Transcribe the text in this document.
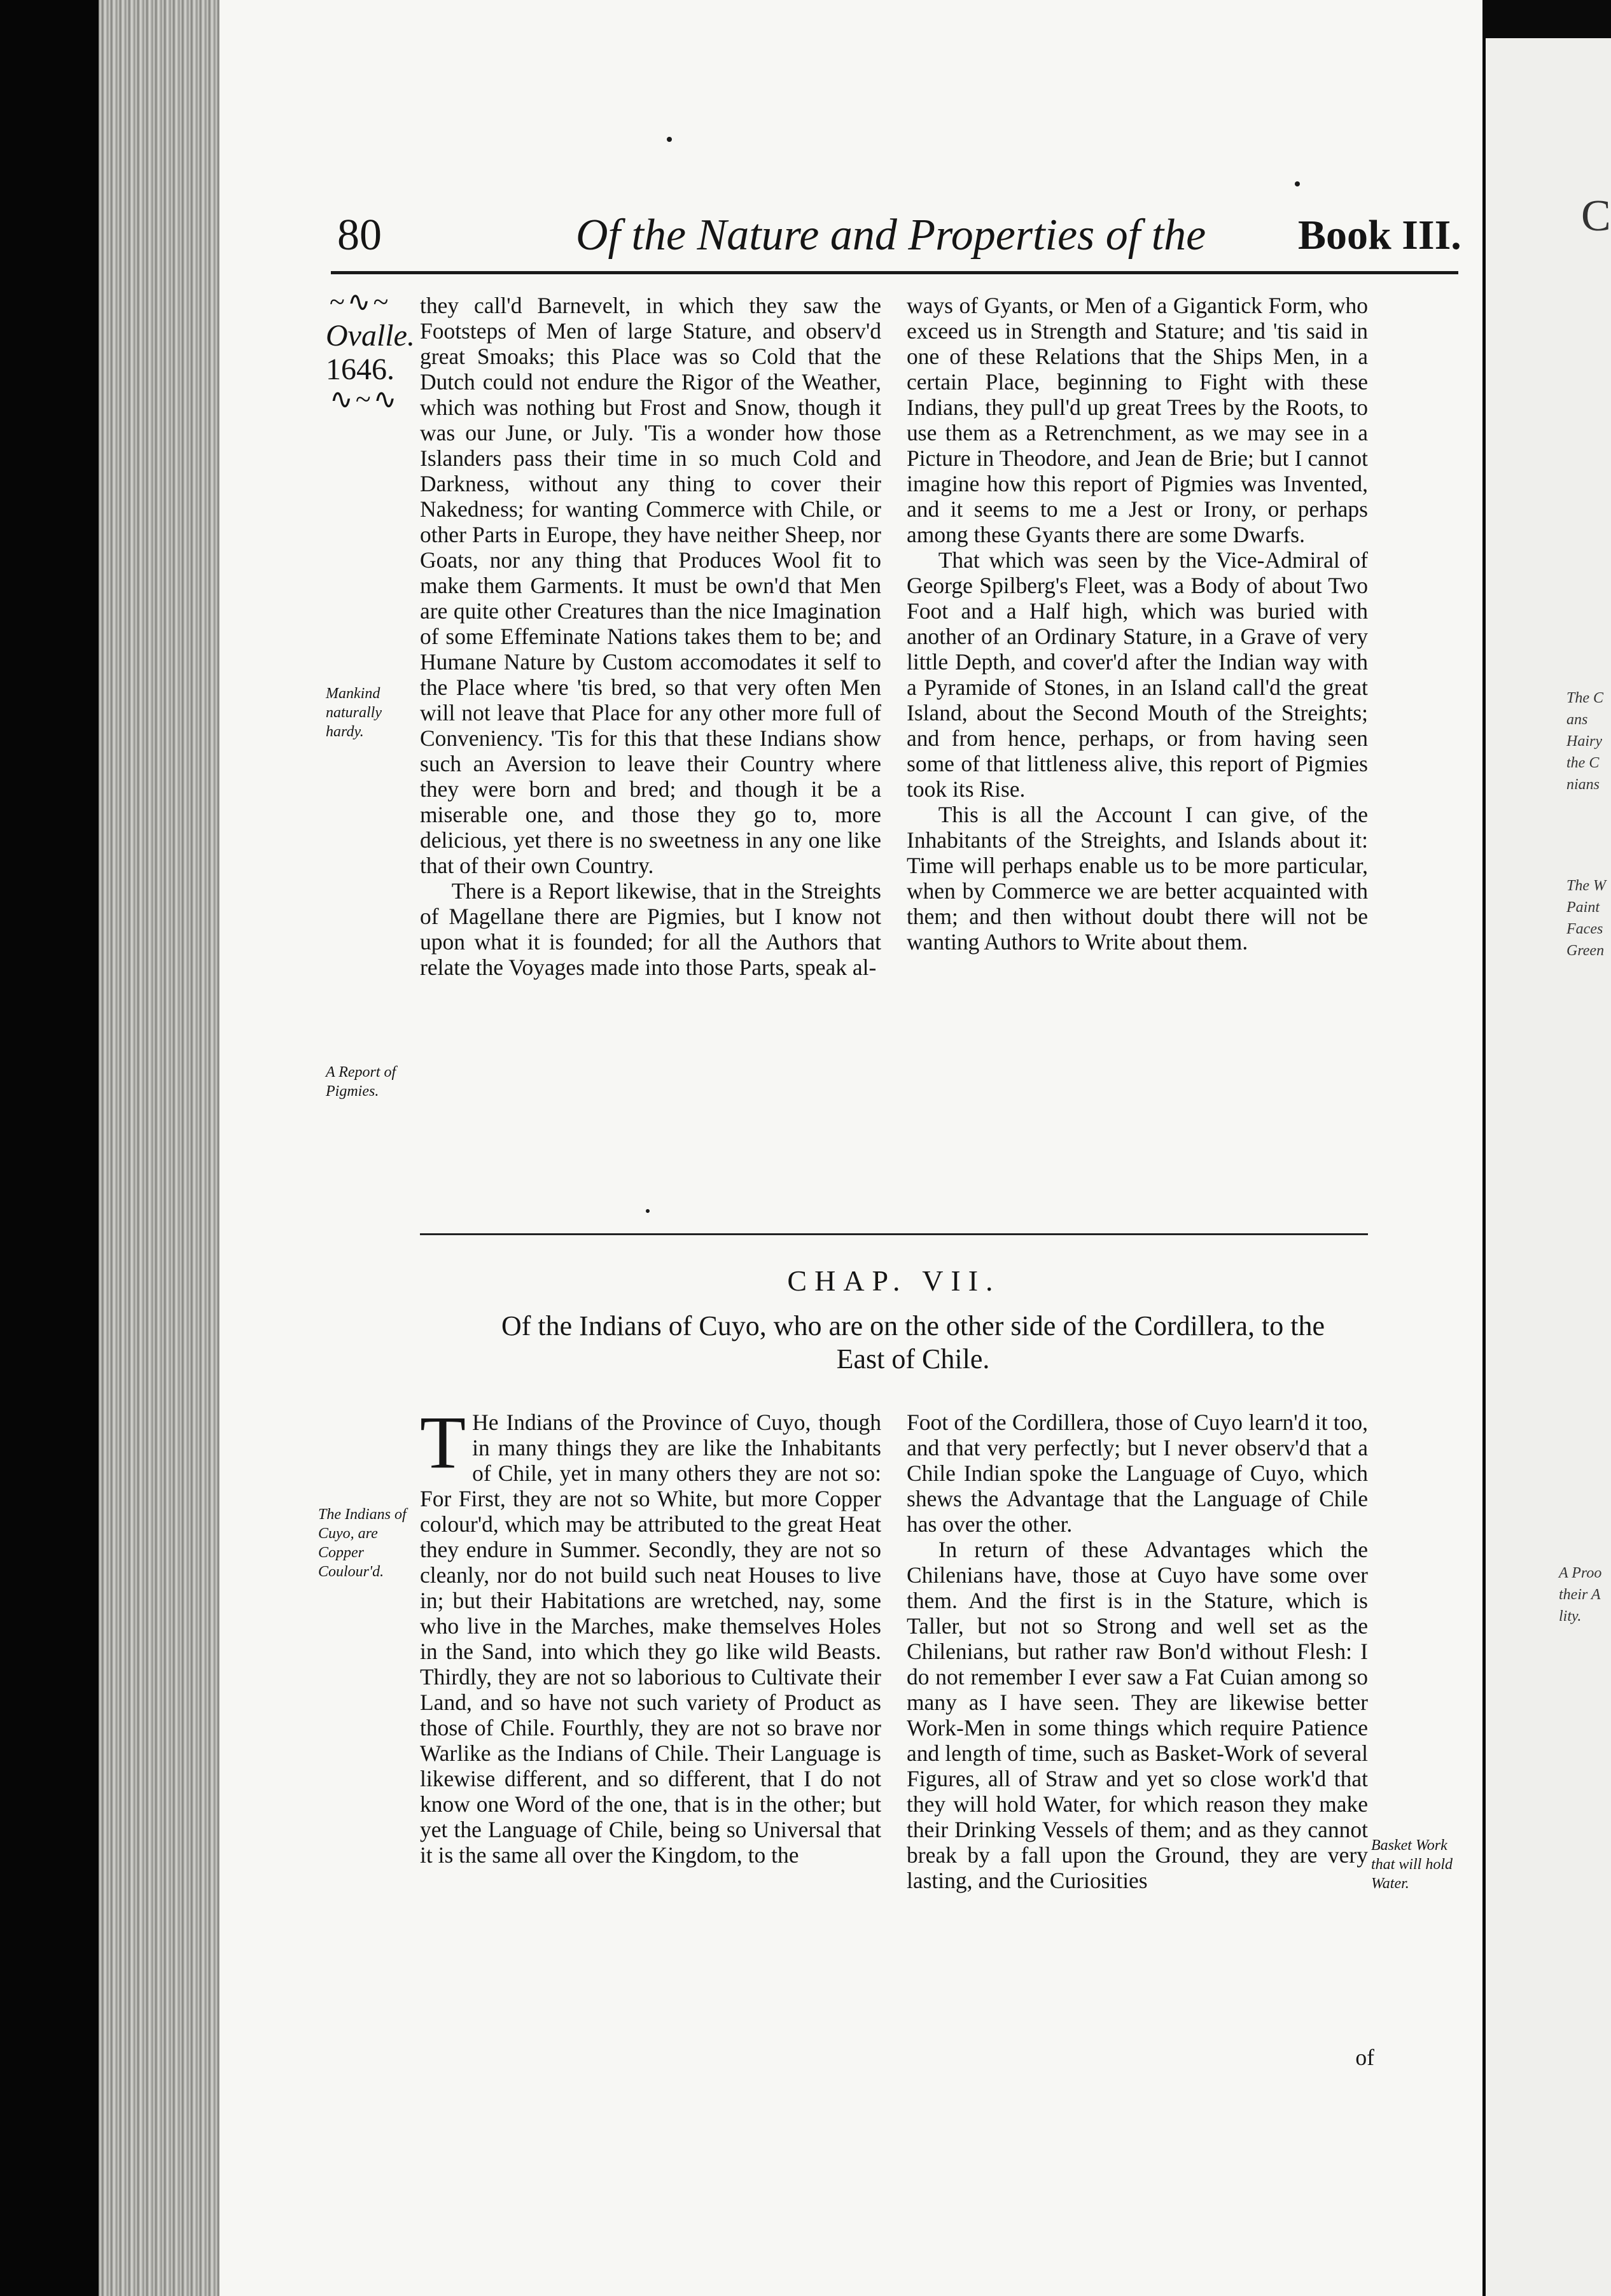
80	Of the Nature and Properties of the Book III.
~∿~
Ovalle.
1646.
∿~∿
Mankind naturally hardy.
A Report of Pigmies.
The Indians of Cuyo, are Copper Coulour'd.
Basket Work that will hold Water.

they call'd Barnevelt, in which they saw the Footsteps of Men of large Stature, and observ'd great Smoaks; this Place was so Cold that the Dutch could not endure the Rigor of the Weather, which was nothing but Frost and Snow, though it was our June, or July. 'Tis a wonder how those Islanders pass their time in so much Cold and Darkness, without any thing to cover their Nakedness; for wanting Commerce with Chile, or other Parts in Europe, they have neither Sheep, nor Goats, nor any thing that Produces Wool fit to make them Garments. It must be own'd that Men are quite other Creatures than the nice Imagination of some Effeminate Nations takes them to be; and Humane Nature by Custom accomodates it self to the Place where 'tis bred, so that very often Men will not leave that Place for any other more full of Conveniency. 'Tis for this that these Indians show such an Aversion to leave their Country where they were born and bred; and though it be a miserable one, and those they go to, more delicious, yet there is no sweetness in any one like that of their own Country.

There is a Report likewise, that in the Streights of Magellane there are Pigmies, but I know not upon what it is founded; for all the Authors that relate the Voyages made into those Parts, speak al-

ways of Gyants, or Men of a Gigantick Form, who exceed us in Strength and Stature; and 'tis said in one of these Relations that the Ships Men, in a certain Place, beginning to Fight with these Indians, they pull'd up great Trees by the Roots, to use them as a Retrenchment, as we may see in a Picture in Theodore, and Jean de Brie; but I cannot imagine how this report of Pigmies was Invented, and it seems to me a Jest or Irony, or perhaps among these Gyants there are some Dwarfs.

That which was seen by the Vice-Admiral of George Spilberg's Fleet, was a Body of about Two Foot and a Half high, which was buried with another of an Ordinary Stature, in a Grave of very little Depth, and cover'd after the Indian way with a Pyramide of Stones, in an Island call'd the great Island, about the Second Mouth of the Streights; and from hence, perhaps, or from having seen some of that littleness alive, this report of Pigmies took its Rise.

This is all the Account I can give, of the Inhabitants of the Streights, and Islands about it: Time will perhaps enable us to be more particular, when by Commerce we are better acquainted with them; and then without doubt there will not be wanting Authors to Write about them.

CHAP. VII.
Of the Indians of Cuyo, who are on the other side of the Cordillera, to the
East of Chile.
T He Indians of the Province of Cuyo, though in many things they are like the Inhabitants of Chile, yet in many others they are not so: For First, they are not so White, but more Copper colour'd, which may be attributed to the great Heat they endure in Summer. Secondly, they are not so cleanly, nor do not build such neat Houses to live in; but their Habitations are wretched, nay, some who live in the Marches, make themselves Holes in the Sand, into which they go like wild Beasts. Thirdly, they are not so laborious to Cultivate their Land, and so have not such variety of Product as those of Chile. Fourthly, they are not so brave nor Warlike as the Indians of Chile. Their Language is likewise different, and so different, that I do not know one Word of the one, that is in the other; but yet the Language of Chile, being so Universal that it is the same all over the Kingdom, to the

Foot of the Cordillera, those of Cuyo learn'd it too, and that very perfectly; but I never observ'd that a Chile Indian spoke the Language of Cuyo, which shews the Advantage that the Language of Chile has over the other.

In return of these Advantages which the Chilenians have, those at Cuyo have some over them. And the first is in the Stature, which is Taller, but not so Strong and well set as the Chilenians, but rather raw Bon'd without Flesh: I do not remember I ever saw a Fat Cuian among so many as I have seen. They are likewise better Work-Men in some things which require Patience and length of time, such as Basket-Work of several Figures, all of Straw and yet so close work'd that they will hold Water, for which reason they make their Drinking Vessels of them; and as they cannot break by a fall upon the Ground, they are very lasting, and the Curiosities

of
C
The C ans Hairy the C nians
The W Paint Faces Green
A Proo their A lity.
